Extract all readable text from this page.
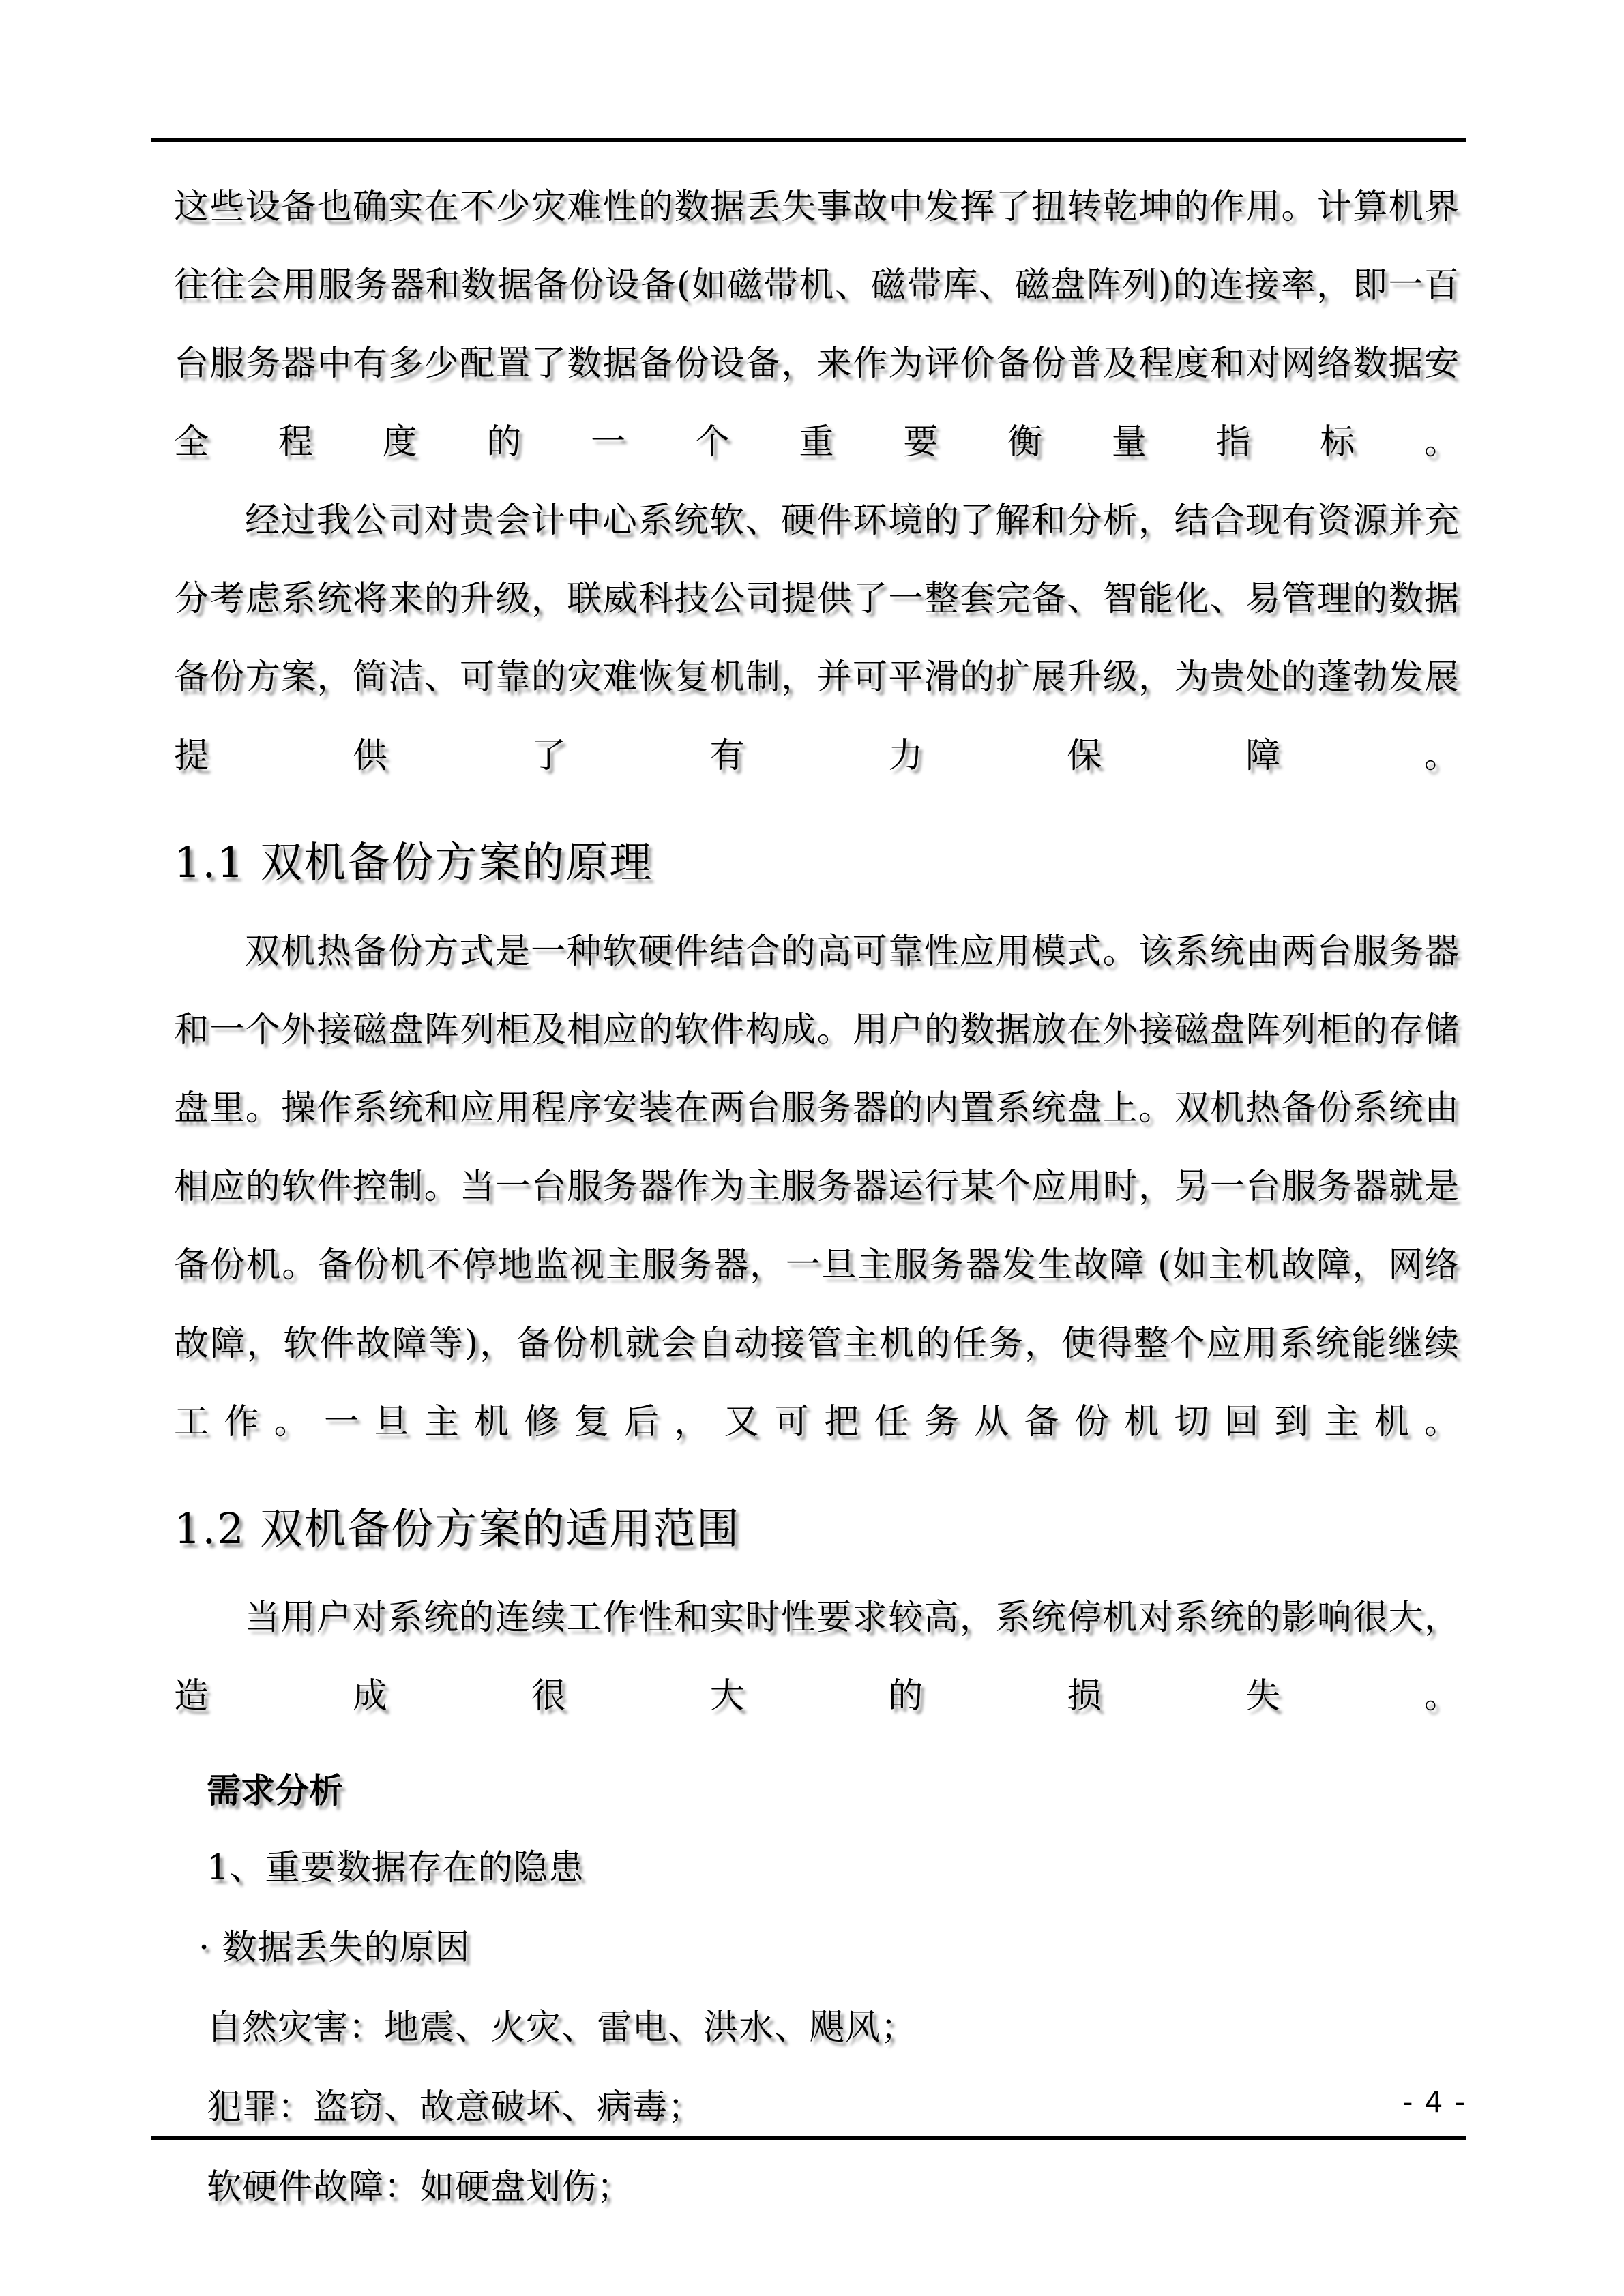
这些设备也确实在不少灾难性的数据丢失事故中发挥了扭转乾坤的作用。计算机界往往会用服务器和数据备份设备(如磁带机、磁带库、磁盘阵列)的连接率，即一百台服务器中有多少配置了数据备份设备，来作为评价备份普及程度和对网络数据安全程度的一个重要衡量指标。

经过我公司对贵会计中心系统软、硬件环境的了解和分析，结合现有资源并充分考虑系统将来的升级，联威科技公司提供了一整套完备、智能化、易管理的数据备份方案，简洁、可靠的灾难恢复机制，并可平滑的扩展升级，为贵处的蓬勃发展提供了有力保障。

1.1 双机备份方案的原理

双机热备份方式是一种软硬件结合的高可靠性应用模式。该系统由两台服务器和一个外接磁盘阵列柜及相应的软件构成。用户的数据放在外接磁盘阵列柜的存储盘里。操作系统和应用程序安装在两台服务器的内置系统盘上。双机热备份系统由相应的软件控制。当一台服务器作为主服务器运行某个应用时，另一台服务器就是备份机。备份机不停地监视主服务器，一旦主服务器发生故障 (如主机故障，网络故障，软件故障等)，备份机就会自动接管主机的任务，使得整个应用系统能继续工作。一旦主机修复后，又可把任务从备份机切回到主机。

1.2 双机备份方案的适用范围

当用户对系统的连续工作性和实时性要求较高，系统停机对系统的影响很大，造成很大的损失。

需求分析

1、重要数据存在的隐患

· 数据丢失的原因

自然灾害：地震、火灾、雷电、洪水、飓风；

犯罪：盗窃、故意破坏、病毒；

软硬件故障：如硬盘划伤；

- 4 -
